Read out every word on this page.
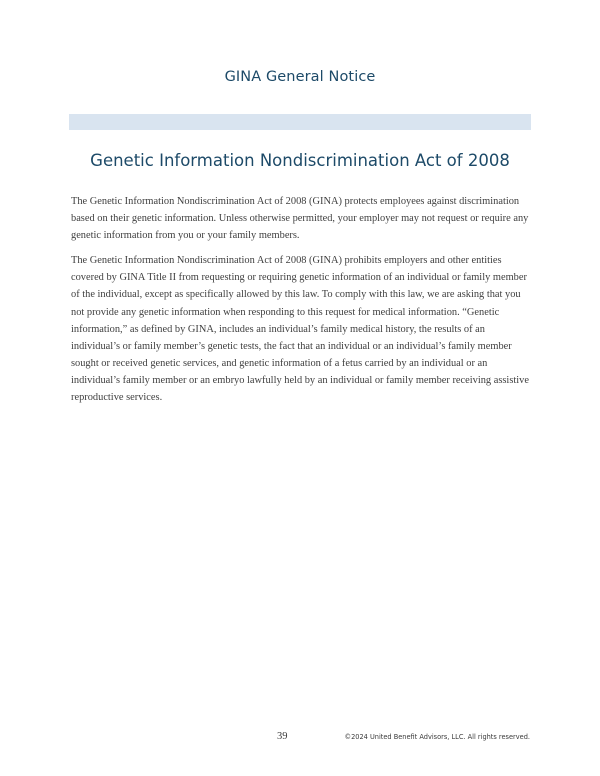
GINA General Notice
Genetic Information Nondiscrimination Act of 2008

The Genetic Information Nondiscrimination Act of 2008 (GINA) protects employees against discrimination based on their genetic information. Unless otherwise permitted, your employer may not request or require any genetic information from you or your family members.

The Genetic Information Nondiscrimination Act of 2008 (GINA) prohibits employers and other entities covered by GINA Title II from requesting or requiring genetic information of an individual or family member of the individual, except as specifically allowed by this law. To comply with this law, we are asking that you not provide any genetic information when responding to this request for medical information. “Genetic information,” as defined by GINA, includes an individual’s family medical history, the results of an individual’s or family member’s genetic tests, the fact that an individual or an individual’s family member sought or received genetic services, and genetic information of a fetus carried by an individual or an individual’s family member or an embryo lawfully held by an individual or family member receiving assistive reproductive services.

39	©2024 United Benefit Advisors, LLC. All rights reserved.
